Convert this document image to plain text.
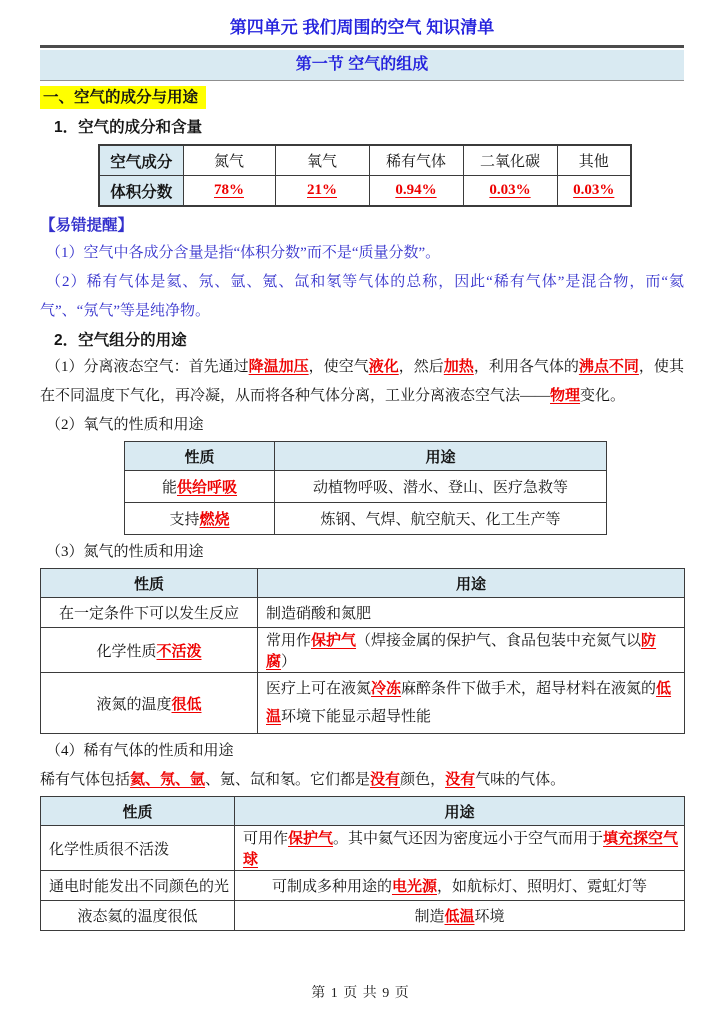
第四单元 我们周围的空气 知识清单
第一节 空气的组成
一、空气的成分与用途
1．空气的成分和含量
空气成分	氮气	氧气	稀有气体	二氧化碳	其他
体积分数	78%	21%	0.94%	0.03%	0.03%
【易错提醒】
（1）空气中各成分含量是指“体积分数”而不是“质量分数”。
（2）稀有气体是氦、氖、氩、氪、氙和氡等气体的总称，因此“稀有气体”是混合物，而“氦气”、“氖气”等是纯净物。
2．空气组分的用途
（1）分离液态空气：首先通过降温加压，使空气液化，然后加热，利用各气体的沸点不同，使其在不同温度下气化，再冷凝，从而将各种气体分离，工业分离液态空气法——物理变化。
（2）氧气的性质和用途
性质	用途
能供给呼吸	动植物呼吸、潜水、登山、医疗急救等
支持燃烧	炼钢、气焊、航空航天、化工生产等
（3）氮气的性质和用途
性质	用途
在一定条件下可以发生反应	制造硝酸和氮肥
化学性质不活泼	常用作保护气（焊接金属的保护气、食品包装中充氮气以防腐）
液氮的温度很低	医疗上可在液氮冷冻麻醉条件下做手术，超导材料在液氮的低温环境下能显示超导性能
（4）稀有气体的性质和用途
稀有气体包括氦、氖、氩、氪、氙和氡。它们都是没有颜色，没有气味的气体。
性质	用途
化学性质很不活泼	可用作保护气。其中氦气还因为密度远小于空气而用于填充探空气球
通电时能发出不同颜色的光	可制成多种用途的电光源，如航标灯、照明灯、霓虹灯等
液态氦的温度很低	制造低温环境
第 1 页 共 9 页
